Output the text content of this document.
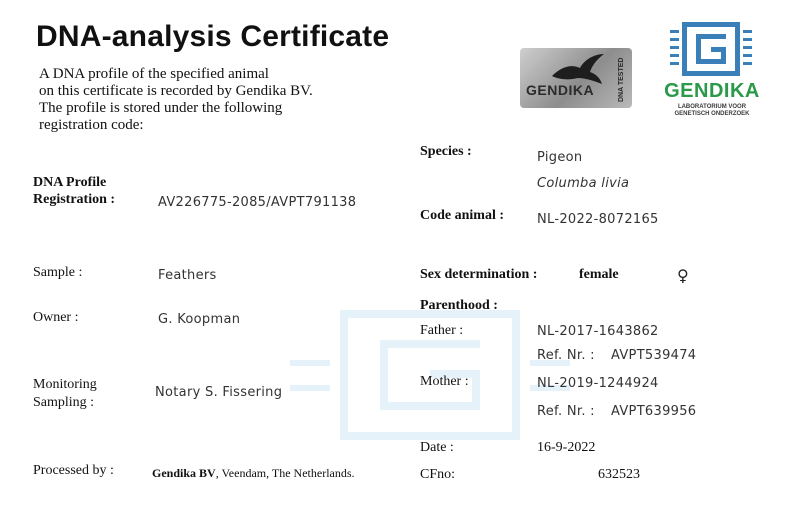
DNA-analysis Certificate
A DNA profile of the specified animal
on this certificate is recorded by Gendika BV.
The profile is stored under the following
registration code:
GENDIKA	DNA TESTED GENDIKA
LABORATORIUM VOOR
GENETISCH ONDERZOEK
DNA Profile
Registration :	AV226775-2085/AVPT791138
Sample :	Feathers
Owner :	G. Koopman
Monitoring
Sampling :
Notary S. Fissering
Processed by :	Gendika BV, Veendam, The Netherlands.
Species :	Pigeon
Columba livia
Code animal :	NL-2022-8072165
Sex determination :	female	♀
Parenthood :
Father :	NL-2017-1643862
Ref. Nr. : AVPT539474
Mother :	NL-2019-1244924
Ref. Nr. : AVPT639956
Date :	16-9-2022
CFno:	632523
